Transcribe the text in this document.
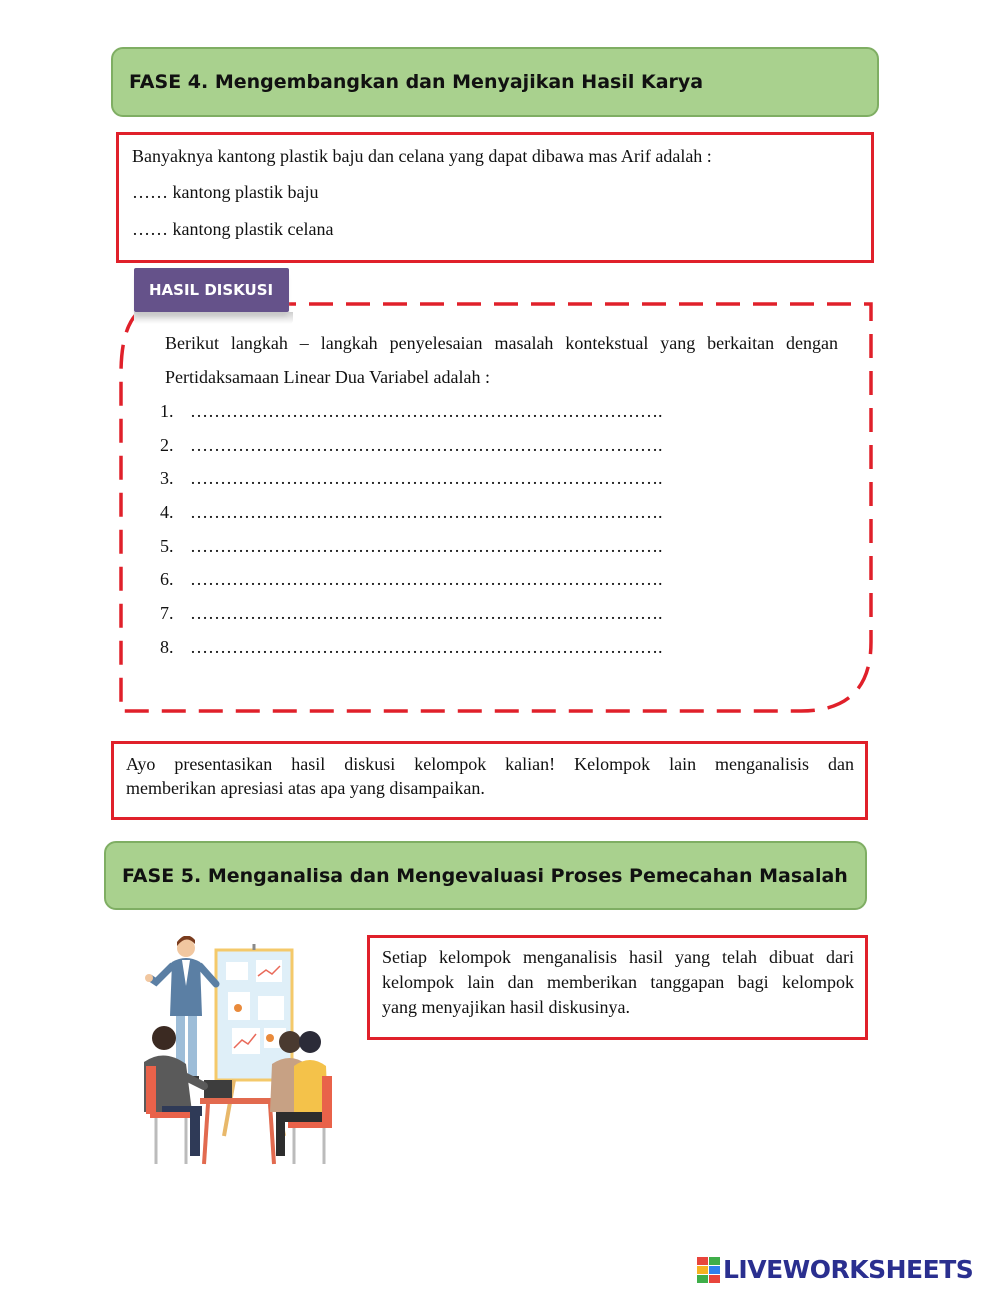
FASE 4. Mengembangkan dan Menyajikan Hasil Karya
Banyaknya kantong plastik baju dan celana yang dapat dibawa mas Arif adalah :
…… kantong plastik baju
…… kantong plastik celana
HASIL DISKUSI
Berikut langkah – langkah penyelesaian masalah kontekstual yang berkaitan dengan
Pertidaksamaan Linear Dua Variabel adalah :
1. …………………………………………………………………….
2. …………………………………………………………………….
3. …………………………………………………………………….
4. …………………………………………………………………….
5. …………………………………………………………………….
6. …………………………………………………………………….
7. …………………………………………………………………….
8. …………………………………………………………………….
Ayo presentasikan hasil diskusi kelompok kalian! Kelompok lain menganalisis dan
memberikan apresiasi atas apa yang disampaikan.
FASE 5. Menganalisa dan Mengevaluasi Proses Pemecahan Masalah
Setiap kelompok menganalisis hasil yang telah dibuat dari
kelompok lain dan memberikan tanggapan bagi kelompok
yang menyajikan hasil diskusinya.
LIVEWORKSHEETS
